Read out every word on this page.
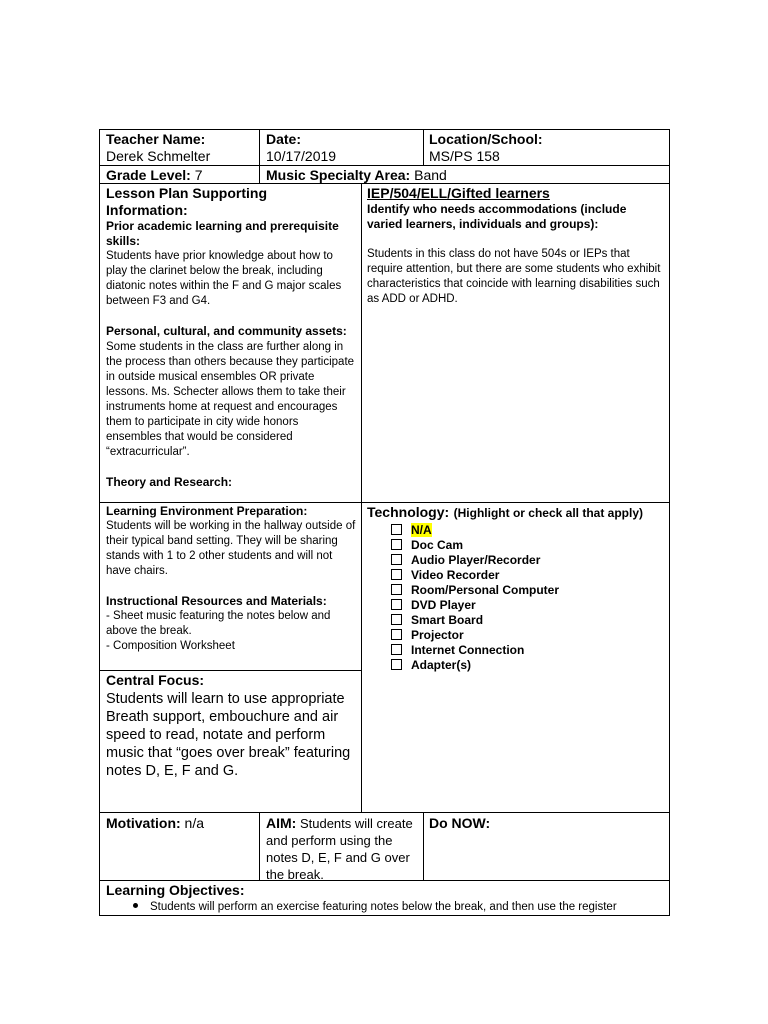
Teacher Name:
Derek Schmelter
Date:
10/17/2019
Location/School:
MS/PS 158
Grade Level: 7	Music Specialty Area: Band
Lesson Plan Supporting Information:
Prior academic learning and prerequisite skills:
Students have prior knowledge about how to play the clarinet below the break, including diatonic notes within the F and G major scales between F3 and G4.
Personal, cultural, and community assets: Some students in the class are further along in the process than others because they participate in outside musical ensembles OR private lessons. Ms. Schecter allows them to take their instruments home at request and encourages them to participate in city wide honors ensembles that would be considered “extracurricular”.
Theory and Research:
IEP/504/ELL/Gifted learners
Identify who needs accommodations (include varied learners, individuals and groups):
Students in this class do not have 504s or IEPs that require attention, but there are some students who exhibit characteristics that coincide with learning disabilities such as ADD or ADHD.
Learning Environment Preparation:
Students will be working in the hallway outside of their typical band setting. They will be sharing stands with 1 to 2 other students and will not have chairs.
Instructional Resources and Materials:
- Sheet music featuring the notes below and above the break.
- Composition Worksheet
Technology: (Highlight or check all that apply)
N/A
Doc Cam
Audio Player/Recorder
Video Recorder
Room/Personal Computer
DVD Player
Smart Board
Projector
Internet Connection
Adapter(s)
Central Focus:
Students will learn to use appropriate Breath support, embouchure and air speed to read, notate and perform music that “goes over break” featuring notes D, E, F and G.
Motivation: n/a	AIM: Students will create and perform using the notes D, E, F and G over the break.
Do NOW:
Learning Objectives:
Students will perform an exercise featuring notes below the break, and then use the register
